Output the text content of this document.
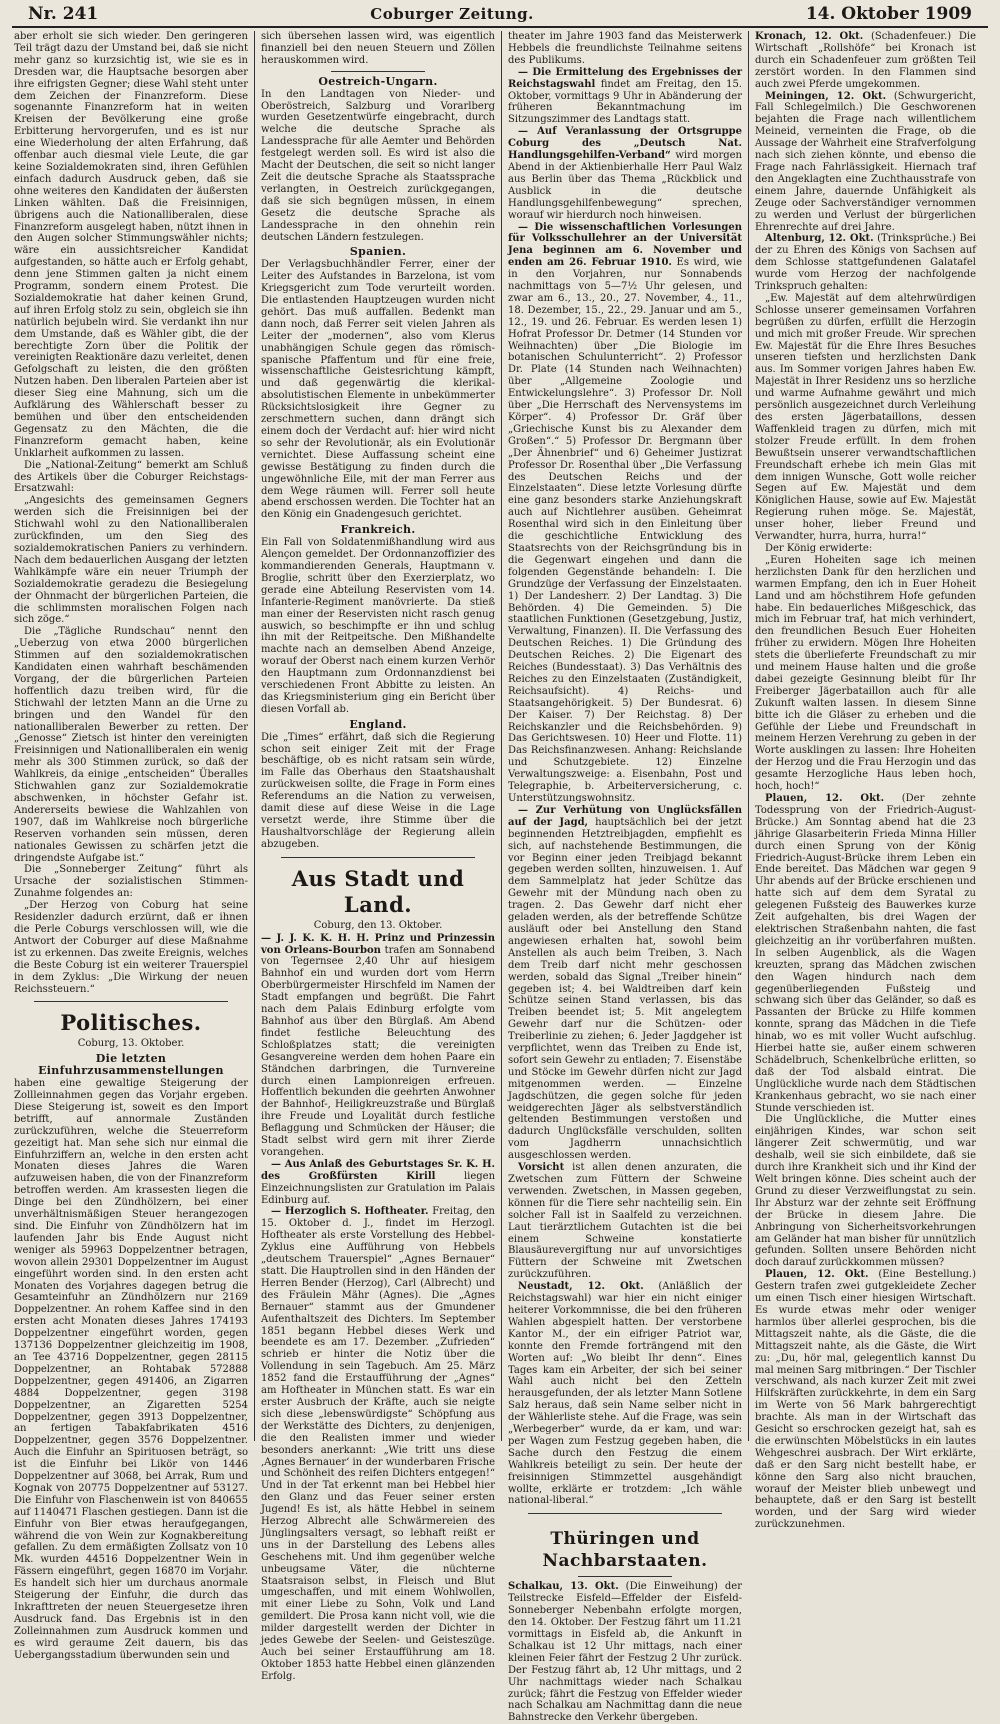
Nr. 241	Coburger Zeitung.	14. Oktober 1909

aber erholt sie sich wieder. Den geringeren Teil trägt dazu der Umstand bei, daß sie nicht mehr ganz so kurzsichtig ist, wie sie es in Dresden war, die Hauptsache besorgen aber ihre eifrigsten Gegner; diese Wahl steht unter dem Zeichen der Finanzreform. Diese sogenannte Finanzreform hat in weiten Kreisen der Bevölkerung eine große Erbitterung hervorgerufen, und es ist nur eine Wiederholung der alten Erfahrung, daß offenbar auch diesmal viele Leute, die gar keine Sozialdemokraten sind, ihren Gefühlen einfach dadurch Ausdruck geben, daß sie ohne weiteres den Kandidaten der äußersten Linken wählten. Daß die Freisinnigen, übrigens auch die Nationalliberalen, diese Finanzreform ausgelegt haben, nützt ihnen in den Augen solcher Stimmungswähler nichts; wäre ein aussichtsreicher Kandidat aufgestanden, so hätte auch er Erfolg gehabt, denn jene Stimmen galten ja nicht einem Programm, sondern einem Protest. Die Sozialdemokratie hat daher keinen Grund, auf ihren Erfolg stolz zu sein, obgleich sie ihn natürlich bejubeln wird. Sie verdankt ihn nur dem Umstande, daß es Wähler gibt, die der berechtigte Zorn über die Politik der vereinigten Reaktionäre dazu verleitet, denen Gefolgschaft zu leisten, die den größten Nutzen haben. Den liberalen Parteien aber ist dieser Sieg eine Mahnung, sich um die Aufklärung des Wählerschaft besser zu bemühen und über den entscheidenden Gegensatz zu den Mächten, die die Finanzreform gemacht haben, keine Unklarheit aufkommen zu lassen.

Die „National-Zeitung“ bemerkt am Schluß des Artikels über die Coburger Reichstags-Ersatzwahl:

„Angesichts des gemeinsamen Gegners werden sich die Freisinnigen bei der Stichwahl wohl zu den Nationalliberalen zurückfinden, um den Sieg des sozialdemokratischen Paniers zu verhindern. Nach dem bedauerlichen Ausgang der letzten Wahlkämpfe wäre ein neuer Triumph der Sozialdemokratie geradezu die Besiegelung der Ohnmacht der bürgerlichen Parteien, die die schlimmsten moralischen Folgen nach sich zöge.“

Die „Tägliche Rundschau“ nennt den „Ueberzug von etwa 2000 bürgerlichen Stimmen auf den sozialdemokratischen Kandidaten einen wahrhaft beschämenden Vorgang, der die bürgerlichen Parteien hoffentlich dazu treiben wird, für die Stichwahl der letzten Mann an die Urne zu bringen und den Wandel für den nationalliberalen Bewerber zu retten. Der „Genosse“ Zietsch ist hinter den vereinigten Freisinnigen und Nationalliberalen ein wenig mehr als 300 Stimmen zurück, so daß der Wahlkreis, da einige „entscheiden“ Überalles Stichwahlen ganz zur Sozialdemokratie abschwenken, in höchster Gefahr ist. Andererseits bewiese die Wahlzahlen von 1907, daß im Wahlkreise noch bürgerliche Reserven vorhanden sein müssen, deren nationales Gewissen zu schärfen jetzt die dringendste Aufgabe ist.“

Die „Sonneberger Zeitung“ führt als Ursache der sozialistischen Stimmen-Zunahme folgendes an:

„Der Herzog von Coburg hat seine Residenzler dadurch erzürnt, daß er ihnen die Perle Coburgs verschlossen will, wie die Antwort der Coburger auf diese Maßnahme ist zu erkennen. Das zweite Ereignis, welches die Beste Coburg ist ein weiterer Trauerspiel in dem Zyklus: „Die Wirkung der neuen Reichssteuern.“

Politisches.
Coburg, 13. Oktober.
Die letzten Einfuhrzusammenstellungen

haben eine gewaltige Steigerung der Zollleinnahmen gegen das Vorjahr ergeben. Diese Steigerung ist, soweit es den Import betrifft, auf annormale Zuständen zurückzuführen, welche die Steuerreform gezeitigt hat. Man sehe sich nur einmal die Einfuhrziffern an, welche in den ersten acht Monaten dieses Jahres die Waren aufzuweisen haben, die von der Finanzreform betroffen werden. Am krassesten liegen die Dinge bei den Zündhölzern, bei einer unverhältnismäßigen Steuer herangezogen sind. Die Einfuhr von Zündhölzern hat im laufenden Jahr bis Ende August nicht weniger als 59963 Doppelzentner betragen, wovon allein 29301 Doppelzentner im August eingeführt worden sind. In den ersten acht Monaten des Vorjahres dagegen betrug die Gesamteinfuhr an Zündhölzern nur 2169 Doppelzentner. An rohem Kaffee sind in den ersten acht Monaten dieses Jahres 174193 Doppelzentner eingeführt worden, gegen 137136 Doppelzentner gleichzeitig im 1908, an Tee 43716 Doppelzentner, gegen 28115 Doppelzentner, an Rohtabak 572888 Doppelzentner, gegen 491406, an Zigarren 4884 Doppelzentner, gegen 3198 Doppelzentner, an Zigaretten 5254 Doppelzentner, gegen 3913 Doppelzentner, an fertigen Tabakfabrikaten 4516 Doppelzentner, gegen 3576 Doppelzentner. Auch die Einfuhr an Spirituosen beträgt, so ist die Einfuhr bei Likör von 1446 Doppelzentner auf 3068, bei Arrak, Rum und Kognak von 20775 Doppelzentner auf 53127. Die Einfuhr von Flaschenwein ist von 840655 auf 1140471 Flaschen gestiegen. Dann ist die Einfuhr von Bier etwas heraufgegangen, während die von Wein zur Kognakbereitung gefallen. Zu dem ermäßigten Zollsatz von 10 Mk. wurden 44516 Doppelzentner Wein in Fässern eingeführt, gegen 16870 im Vorjahr. Es handelt sich hier um durchaus anormale Steigerung der Einfuhr, die durch das Inkrafttreten der neuen Steuergesetze ihren Ausdruck fand. Das Ergebnis ist in den Zolleinnahmen zum Ausdruck kommen und es wird geraume Zeit dauern, bis das Uebergangsstadium überwunden sein und

sich übersehen lassen wird, was eigentlich finanziell bei den neuen Steuern und Zöllen herauskommen wird.

Oestreich-Ungarn.

In den Landtagen von Nieder- und Oberöstreich, Salzburg und Vorarlberg wurden Gesetzentwürfe eingebracht, durch welche die deutsche Sprache als Landessprache für alle Aemter und Behörden festgelegt werden soll. Es wird ist also die Macht der Deutschen, die seit so nicht langer Zeit die deutsche Sprache als Staatssprache verlangten, in Oestreich zurückgegangen, daß sie sich begnügen müssen, in einem Gesetz die deutsche Sprache als Landessprache in den ohnehin rein deutschen Ländern festzulegen.

Spanien.

Der Verlagsbuchhändler Ferrer, einer der Leiter des Aufstandes in Barzelona, ist vom Kriegsgericht zum Tode verurteilt worden. Die entlastenden Hauptzeugen wurden nicht gehört. Das muß auffallen. Bedenkt man dann noch, daß Ferrer seit vielen Jahren als Leiter der „modernen“, also vom Klerus unabhängigen Schule gegen das römisch-spanische Pfaffentum und für eine freie, wissenschaftliche Geistesrichtung kämpft, und daß gegenwärtig die klerikal-absolutistischen Elemente in unbekümmerter Rücksichtslosigkeit ihre Gegner zu zerschmettern suchen, dann drängt sich einem doch der Verdacht auf: hier wird nicht so sehr der Revolutionär, als ein Evolutionär vernichtet. Diese Auffassung scheint eine gewisse Bestätigung zu finden durch die ungewöhnliche Eile, mit der man Ferrer aus dem Wege räumen will. Ferrer soll heute abend erschossen werden. Die Tochter hat an den König ein Gnadengesuch gerichtet.

Frankreich.

Ein Fall von Soldatenmißhandlung wird aus Alençon gemeldet. Der Ordonnanzoffizier des kommandierenden Generals, Hauptmann v. Broglie, schritt über den Exerzierplatz, wo gerade eine Abteilung Reservisten vom 14. Infanterie-Regiment manövrierte. Da stieß man einer der Reservisten nicht rasch genug auswich, so beschimpfte er ihn und schlug ihn mit der Reitpeitsche. Den Mißhandelte machte nach an demselben Abend Anzeige, worauf der Oberst nach einem kurzen Verhör den Hauptmann zum Ordonnanzdienst bei verschiedenen Front Abbitte zu leisten. An das Kriegsministerium ging ein Bericht über diesen Vorfall ab.

England.

Die „Times“ erfährt, daß sich die Regierung schon seit einiger Zeit mit der Frage beschäftige, ob es nicht ratsam sein würde, im Falle das Oberhaus den Staatshaushalt zurückweisen sollte, die Frage in Form eines Referendums an die Nation zu verweisen, damit diese auf diese Weise in die Lage versetzt werde, ihre Stimme über die Haushaltvorschläge der Regierung allein abzugeben.

Aus Stadt und Land.
Coburg, den 13. Oktober.

— J. J. K. K. H. H. Prinz und Prinzessin von Orleans-Bourbon trafen am Sonnabend von Tegernsee 2,40 Uhr auf hiesigem Bahnhof ein und wurden dort vom Herrn Oberbürgermeister Hirschfeld im Namen der Stadt empfangen und begrüßt. Die Fahrt nach dem Palais Edinburg erfolgte vom Bahnhof aus über den Bürglaß. Am Abend findet festliche Beleuchtung des Schloßplatzes statt; die vereinigten Gesangvereine werden dem hohen Paare ein Ständchen darbringen, die Turnvereine durch einen Lampionreigen erfreuen. Hoffentlich bekunden die geehrten Anwohner der Bahnhof-, Heiligkreuzstraße und Bürglaß ihre Freude und Loyalität durch festliche Beflaggung und Schmücken der Häuser; die Stadt selbst wird gern mit ihrer Zierde vorangehen.

— Aus Anlaß des Geburtstages Sr. K. H. des Großfürsten Kirill	liegen Einzeichnungslisten zur Gratulation im Palais Edinburg auf.

— Herzoglich S. Hoftheater. Freitag, den 15. Oktober d. J., findet im Herzogl. Hoftheater als erste Vorstellung des Hebbel-Zyklus eine Aufführung von Hebbels „deutschem Trauerspiel“ „Agnes Bernauer“ statt. Die Hauptrollen sind in den Händen der Herren Bender (Herzog), Carl (Albrecht) und des Fräulein Mähr (Agnes). Die „Agnes Bernauer“ stammt aus der Gmundener Aufenthaltszeit des Dichters. Im September 1851 begann Hebbel dieses Werk und beendete es am 17. Dezember. „Zufrieden“ schrieb er hinter die Notiz über die Vollendung in sein Tagebuch. Am 25. März 1852 fand die Erstaufführung der „Agnes“ am Hoftheater in München statt. Es war ein erster Ausbruch der Kräfte, auch sie neigte sich diese „lebenswürdigste“ Schöpfung aus der Werkstätte des Dichters, zu denjenigen, die den Realisten immer und wieder besonders anerkannt: „Wie tritt uns diese ‚Agnes Bernauer‘ in der wunderbaren Frische und Schönheit des reifen Dichters entgegen!“ Und in der Tat erkennt man bei Hebbel hier den Glanz und das Feuer seiner ersten Jugend! Es ist, als hätte Hebbel in seinem Herzog Albrecht alle Schwärmereien des Jünglingsalters versagt, so lebhaft reißt er uns in der Darstellung des Lebens alles Geschehens mit. Und ihm gegenüber welche unbeugsame Väter, die nüchterne Staatsraison selbst, in Fleisch und Blut umgeschaffen, und mit einem Wohlwollen, mit einer Liebe zu Sohn, Volk und Land gemildert. Die Prosa kann nicht voll, wie die milder dargestellt werden der Dichter in jedes Gewebe der Seelen- und Geisteszüge. Auch bei seiner Erstaufführung am 18. Oktober 1853 hatte Hebbel einen glänzenden Erfolg.

theater im Jahre 1903 fand das Meisterwerk Hebbels die freundlichste Teilnahme seitens des Publikums.

— Die Ermittelung des Ergebnisses der Reichstagswahl findet am Freitag, den 15. Oktober, vormittags 9 Uhr in Abänderung der früheren Bekanntmachung im Sitzungszimmer des Landtags statt.

— Auf Veranlassung der Ortsgruppe Coburg des „Deutsch Nat. Handlungsgehilfen-Verband“ wird morgen Abend in der Aktienbierhalle Herr Paul Walz aus Berlin über das Thema „Rückblick und Ausblick in die deutsche Handlungsgehilfenbewegung“ sprechen, worauf wir hierdurch noch hinweisen.

— Die wissenschaftlichen Vorlesungen für Volksschullehrer an der Universität Jena beginnen am 6. November und enden am 26. Februar 1910. Es wird, wie in den Vorjahren, nur Sonnabends nachmittags von 5—7½ Uhr gelesen, und zwar am 6., 13., 20., 27. November, 4., 11., 18. Dezember, 15., 22., 29. Januar und am 5., 12., 19. und 26. Februar. Es werden lesen 1) Hofrat Professor Dr. Detmer (14 Stunden vor Weihnachten) über „Die Biologie im botanischen Schulunterricht“. 2) Professor Dr. Plate (14 Stunden nach Weihnachten) über „Allgemeine Zoologie und Entwickelungslehre“. 3) Professor Dr. Noll über „Die Herrschaft des Nervensystems im Körper“. 4) Professor Dr. Gräf über „Griechische Kunst bis zu Alexander dem Großen“.“ 5) Professor Dr. Bergmann über „Der Ähnenbrief“ und 6) Geheimer Justizrat Professor Dr. Rosenthal über „Die Verfassung des Deutschen Reichs und der Einzelstaaten“. Diese letzte Vorlesung dürfte eine ganz besonders starke Anziehungskraft auch auf Nichtlehrer ausüben. Geheimrat Rosenthal wird sich in den Einleitung über die geschichtliche Entwicklung des Staatsrechts von der Reichsgründung bis in die Gegenwart eingehen und dann die folgenden Gegenstände behandeln: I. Die Grundzüge der Verfassung der Einzelstaaten. 1) Der Landesherr. 2) Der Landtag. 3) Die Behörden. 4) Die Gemeinden. 5) Die staatlichen Funktionen (Gesetzgebung, Justiz, Verwaltung, Finanzen). II. Die Verfassung des Deutschen Reiches. 1) Die Gründung des Deutschen Reiches. 2) Die Eigenart des Reiches (Bundesstaat). 3) Das Verhältnis des Reiches zu den Einzelstaaten (Zuständigkeit, Reichsaufsicht). 4) Reichs- und Staatsangehörigkeit. 5) Der Bundesrat. 6) Der Kaiser. 7) Der Reichstag. 8) Der Reichskanzler und die Reichsbehörden. 9) Das Gerichtswesen. 10) Heer und Flotte. 11) Das Reichsfinanzwesen. Anhang: Reichslande und Schutzgebiete. 12) Einzelne Verwaltungszweige: a. Eisenbahn, Post und Telegraphie, b. Arbeiterversicherung, c. Unterstützungswohnsitz.

— Zur Verhütung von Unglücksfällen auf der Jagd, hauptsächlich bei der jetzt beginnenden Hetztreibjagden, empfiehlt es sich, auf nachstehende Bestimmungen, die vor Beginn einer jeden Treibjagd bekannt gegeben werden sollten, hinzuweisen. 1. Auf dem Sammelplatz hat jeder Schütze das Gewehr mit der Mündung nach oben zu tragen. 2. Das Gewehr darf nicht eher geladen werden, als der betreffende Schütze ausläuft oder bei Anstellung den Stand angewiesen erhalten hat, sowohl beim Anstellen als auch beim Treiben, 3. Nach dem Treib darf nicht mehr geschossen werden, sobald das Signal „Treiber hinein“ gegeben ist; 4. bei Waldtreiben darf kein Schütze seinen Stand verlassen, bis das Treiben beendet ist; 5. Mit angelegtem Gewehr darf nur die Schützen- oder Treiberlinie zu ziehen; 6. Jeder Jagdgeher ist verpflichtet, wenn das Treiben zu Ende ist, sofort sein Gewehr zu entladen; 7. Eisenstäbe und Stöcke im Gewehr dürfen nicht zur Jagd mitgenommen werden. — Einzelne Jagdschützen, die gegen solche für jeden weidgerechten Jäger als selbstverständlich geltenden Bestimmungen verstoßen und dadurch Unglücksfälle verschulden, sollten vom Jagdherrn unnachsichtlich ausgeschlossen werden.

Vorsicht ist allen denen anzuraten, die Zwetschen zum Füttern der Schweine verwenden. Zwetschen, in Massen gegeben, können für die Tiere sehr nachteilig sein. Ein solcher Fall ist in Saalfeld zu verzeichnen. Laut tierärztlichem Gutachten ist die bei einem Schweine konstatierte Blausäurevergiftung nur auf unvorsichtiges Füttern der Schweine mit Zwetschen zurückzuführen.

Neustadt, 12. Okt. (Anläßlich der Reichstagswahl) war hier ein nicht einiger heiterer Vorkommnisse, die bei den früheren Wahlen abgespielt hatten. Der verstorbene Kantor M., der ein eifriger Patriot war, konnte den Fremde forträngend mit den Worten auf: „Wo bleibt Ihr denn“. Eines Tages kam ein Arbeiter, der sich bei seiner Wahl auch nicht bei den Zetteln herausgefunden, der als letzter Mann Sotlene Salz heraus, daß sein Name selber nicht in der Wählerliste stehe. Auf die Frage, was sein „Werbegerber“ wurde, da er kam, und war: per Wagen zum Festzug gegeben haben, die Sache durch den Festzug die einem Wahlkreis beteiligt zu sein. Der heute der freisinnigen Stimmzettel ausgehändigt wollte, erklärte er trotzdem: „Ich wähle national-liberal.“

Thüringen und Nachbarstaaten.

Schalkau, 13. Okt. (Die Einweihung) der Teilstrecke Eisfeld—Effelder der Eisfeld-Sonneberger Nebenbahn erfolgte morgen, den 14. Oktober. Der Festzug fährt um 11.21 vormittags in Eisfeld ab, die Ankunft in Schalkau ist 12 Uhr mittags, nach einer kleinen Feier fährt der Festzug 2 Uhr zurück. Der Festzug fährt ab, 12 Uhr mittags, und 2 Uhr nachmittags wieder nach Schalkau zurück; fährt die Festzug von Effelder wieder nach Schalkau am Nachmittag dann die neue Bahnstrecke den Verkehr übergeben.

Kronach, 12. Okt. (Schadenfeuer.) Die Wirtschaft „Rollshöfe“ bei Kronach ist durch ein Schadenfeuer zum größten Teil zerstört worden. In den Flammen sind auch zwei Pferde umgekommen.

Meiningen, 12. Okt. (Schwurgericht, Fall Schlegelmilch.) Die Geschworenen bejahten die Frage nach willentlichem Meineid, verneinten die Frage, ob die Aussage der Wahrheit eine Strafverfolgung nach sich ziehen könnte, und ebenso die Frage nach Fahrlässigkeit. Hiernach traf den Angeklagten eine Zuchthausstrafe von einem Jahre, dauernde Unfähigkeit als Zeuge oder Sachverständiger vernommen zu werden und Verlust der bürgerlichen Ehrenrechte auf drei Jahre.

Altenburg, 12. Okt. (Trinksprüche.) Bei der zu Ehren des Königs von Sachsen auf dem Schlosse stattgefundenen Galatafel wurde vom Herzog der nachfolgende Trinkspruch gehalten:

„Ew. Majestät auf dem altehrwürdigen Schlosse unserer gemeinsamen Vorfahren begrüßen zu dürfen, erfüllt die Herzogin und mich mit großer Freude. Wir sprechen Ew. Majestät für die Ehre Ihres Besuches unseren tiefsten und herzlichsten Dank aus. Im Sommer vorigen Jahres haben Ew. Majestät in Ihrer Residenz uns so herzliche und warme Aufnahme gewährt und mich persönlich ausgezeichnet durch Verleihung des ersten Jägerbataillons, dessen Waffenkleid tragen zu dürfen, mich mit stolzer Freude erfüllt. In dem frohen Bewußtsein unserer verwandtschaftlichen Freundschaft erhebe ich mein Glas mit dem innigen Wunsche, Gott wolle reicher Segen auf Ew. Majestät und dem Königlichen Hause, sowie auf Ew. Majestät Regierung ruhen möge. Se. Majestät, unser hoher, lieber Freund und Verwandter, hurra, hurra, hurra!“

Der König erwiderte:

„Euren Hoheiten sage ich meinen herzlichsten Dank für den herzlichen und warmen Empfang, den ich in Euer Hoheit Land und am höchstihrem Hofe gefunden habe. Ein bedauerliches Mißgeschick, das mich im Februar traf, hat mich verhindert, den freundlichen Besuch Euer Hoheiten früher zu erwidern. Mögen Ihre Hoheiten stets die überlieferte Freundschaft zu mir und meinem Hause halten und die große dabei gezeigte Gesinnung bleibt für Ihr Freiberger Jägerbataillon auch für alle Zukunft walten lassen. In diesem Sinne bitte ich die Gläser zu erheben und die Gefühle der Liebe und Freundschaft in meinem Herzen Verehrung zu geben in der Worte ausklingen zu lassen: Ihre Hoheiten der Herzog und die Frau Herzogin und das gesamte Herzogliche Haus leben hoch, hoch, hoch!“

Plauen, 12. Okt. (Der zehnte Todessprung von der Friedrich-August-Brücke.) Am Sonntag abend hat die 23 jährige Glasarbeiterin Frieda Minna Hiller durch einen Sprung von der König Friedrich-August-Brücke ihrem Leben ein Ende bereitet. Das Mädchen war gegen 9 Uhr abends auf der Brücke erschienen und hatte sich auf dem dem Syratal zu gelegenen Fußsteig des Bauwerkes kurze Zeit aufgehalten, bis drei Wagen der elektrischen Straßenbahn nahten, die fast gleichzeitig an ihr vorüberfahren mußten. In selben Augenblick, als die Wagen kreuzten, sprang das Mädchen zwischen den Wagen hindurch nach dem gegenüberliegenden Fußsteig und schwang sich über das Geländer, so daß es Passanten der Brücke zu Hilfe kommen konnte, sprang das Mädchen in die Tiefe hinab, wo es mit voller Wucht aufschlug. Hierbei hatte sie, außer einem schweren Schädelbruch, Schenkelbrüche erlitten, so daß der Tod alsbald eintrat. Die Unglückliche wurde nach dem Städtischen Krankenhaus gebracht, wo sie nach einer Stunde verschieden ist.

Die Unglückliche, die Mutter eines einjährigen Kindes, war schon seit längerer Zeit schwermütig, und war deshalb, weil sie sich einbildete, daß sie durch ihre Krankheit sich und ihr Kind der Welt bringen könne. Dies scheint auch der Grund zu dieser Verzweiflungstat zu sein. Ihr Absturz war der zehnte seit Eröffnung der Brücke in diesem Jahre. Die Anbringung von Sicherheitsvorkehrungen am Geländer hat man bisher für unnützlich gefunden. Sollten unsere Behörden nicht doch darauf zurückkommen müssen?

Plauen, 12. Okt. (Eine Bestellung.) Gestern trafen zwei gutgekleidete Zecher um einen Tisch einer hiesigen Wirtschaft. Es wurde etwas mehr oder weniger harmlos über allerlei gesprochen, bis die Mittagszeit nahte, als die Gäste, die die Mittagszeit nahte, als die Gäste, die Wirt zu: „Du, hör mal, gelegentlich kannst Du mal meinen Sarg mitbringen.“ Der Tischler verschwand, als nach kurzer Zeit mit zwei Hilfskräften zurückkehrte, in dem ein Sarg im Werte von 56 Mark bahrgerechtigt brachte. Als man in der Wirtschaft das Gesicht so erschrocken gezeigt hat, sah es die erwünschten Möbelstücks in ein lautes Wehgeschrei ausbrach. Der Wirt erklärte, daß er den Sarg nicht bestellt habe, er könne den Sarg also nicht brauchen, worauf der Meister blieb unbewegt und behauptete, daß er den Sarg ist bestellt worden, und der Sarg wird wieder zurückzunehmen.
